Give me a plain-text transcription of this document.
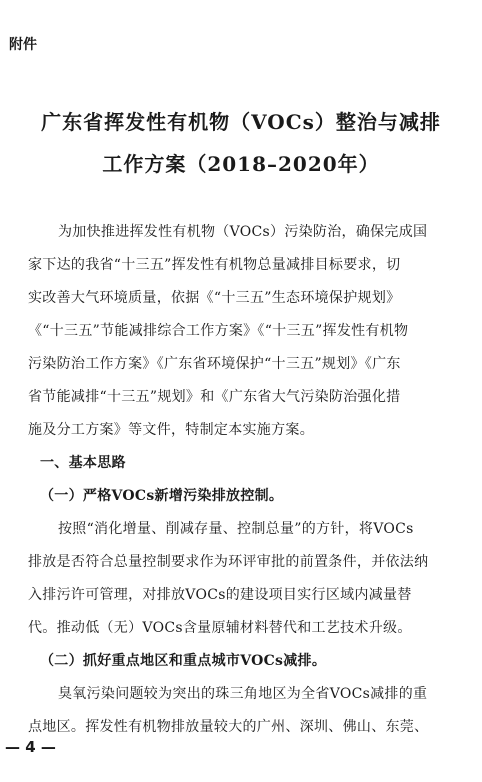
附件
广东省挥发性有机物（VOCs）整治与减排
工作方案（2018–2020年）
为加快推进挥发性有机物（VOCs）污染防治，确保完成国
家下达的我省“十三五”挥发性有机物总量减排目标要求，切
实改善大气环境质量，依据《“十三五”生态环境保护规划》
《“十三五”节能减排综合工作方案》《“十三五”挥发性有机物
污染防治工作方案》《广东省环境保护“十三五”规划》《广东
省节能减排“十三五”规划》和《广东省大气污染防治强化措
施及分工方案》等文件，特制定本实施方案。
一、基本思路
（一）严格VOCs新增污染排放控制。
按照“消化增量、削减存量、控制总量”的方针，将VOCs
排放是否符合总量控制要求作为环评审批的前置条件，并依法纳
入排污许可管理，对排放VOCs的建设项目实行区域内减量替
代。推动低（无）VOCs含量原辅材料替代和工艺技术升级。
（二）抓好重点地区和重点城市VOCs减排。
臭氧污染问题较为突出的珠三角地区为全省VOCs减排的重
点地区。挥发性有机物排放量较大的广州、深圳、佛山、东莞、
— 4 —
